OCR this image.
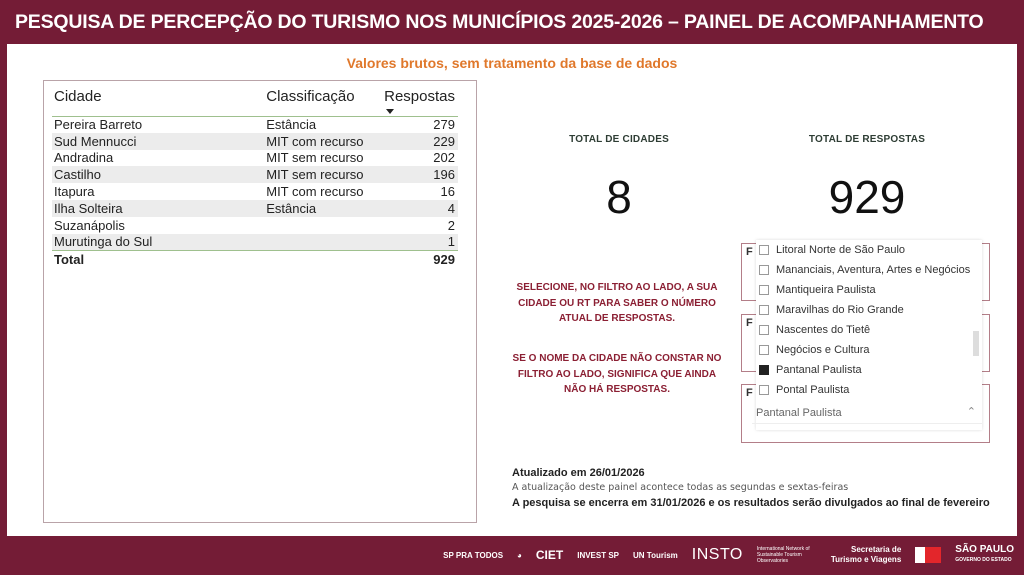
PESQUISA DE PERCEPÇÃO DO TURISMO NOS MUNICÍPIOS 2025-2026 – PAINEL DE ACOMPANHAMENTO
Valores brutos, sem tratamento da base de dados
Cidade	Classificação	Respostas

Pereira Barreto	Estância	279
Sud Mennucci	MIT com recurso	229
Andradina	MIT sem recurso	202
Castilho	MIT sem recurso	196
Itapura	MIT com recurso	16
Ilha Solteira	Estância	4
Suzanápolis		2
Murutinga do Sul		1
Total		929
TOTAL DE CIDADES
8
TOTAL DE RESPOSTAS
929
SELECIONE, NO FILTRO AO LADO, A SUA CIDADE OU RT PARA SABER O NÚMERO ATUAL DE RESPOSTAS.
SE O NOME DA CIDADE NÃO CONSTAR NO FILTRO AO LADO, SIGNIFICA QUE AINDA NÃO HÁ RESPOSTAS.
F
F
F
Litoral Norte de São Paulo
Mananciais, Aventura, Artes e Negócios
Mantiqueira Paulista
Maravilhas do Rio Grande
Nascentes do Tietê
Negócios e Cultura
Pantanal Paulista
Pontal Paulista
Pantanal Paulista	⌃
Atualizado em 26/01/2026
A atualização deste painel acontece todas as segundas e sextas-feiras
A pesquisa se encerra em 31/01/2026 e os resultados serão divulgados ao final de fevereiro
SP PRA TODOS ◕ CIET INVEST SP UN Tourism INSTO	International Network of Sustainable Tourism Observatories
Secretaria de
Turismo e Viagens
SÃO PAULO
GOVERNO DO ESTADO
